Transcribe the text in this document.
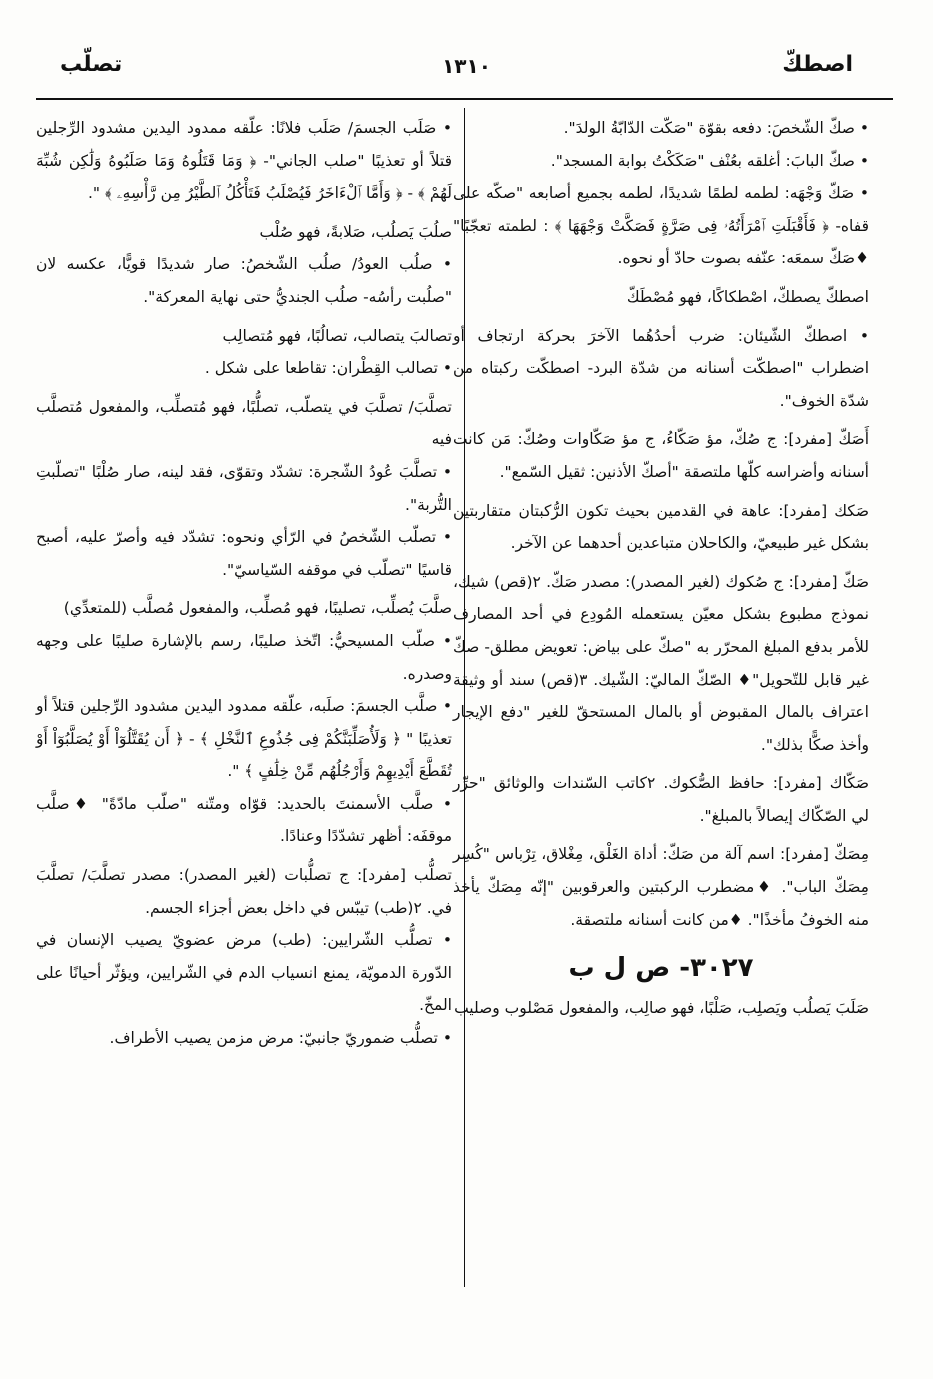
اصطكّ
١٣١٠
تصلّب

• صكّ الشّخصَ: دفعه بقوّة "صَكّت الدّابّةُ الولدَ".

• صكّ البابَ: أغلقه بعُنْف "صَكَكْتُ بوابة المسجد".

• صَكّ وَجْهَه: لطمه لطمًا شديدًا، لطمه بجميع أصابعه "صكّه على قفاه- ﴿ فَأَقْبَلَتِ ٱمْرَأَتُهُۥ فِى صَرَّةٍ فَصَكَّتْ وَجْهَهَا ﴾ : لطمته تعجّبًا" ♦صَكّ سمعَه: عنّفه بصوت حادّ أو نحوه.

اصطكّ يصطكّ، اصْطكاكًا، فهو مُصْطَكّ

• اصطكّ الشّيئان: ضرب أحدُهُما الآخرَ بحركة ارتجاف أو اضطراب "اصطكّت أسنانه من شدّة البرد- اصطكّت ركبتاه من شدّة الخوف".

أَصَكّ [مفرد]: ج صُكّ، مؤ صَكّاءُ، ج مؤ صَكّاوات وصُكّ: مَن كانت أسنانه وأضراسه كلّها ملتصقة "أصكّ الأذنين: ثقيل السّمع".

صَكك [مفرد]: عاهة في القدمين بحيث تكون الرُّكبتان متقاربتين بشكل غير طبيعيّ، والكاحلان متباعدين أحدهما عن الآخر.

صَكّ [مفرد]: ج صُكوك (لغير المصدر): مصدر صَكّ. ٢(قص) شيك، نموذج مطبوع بشكل معيّن يستعمله المُودِع في أحد المصارف للأمر بدفع المبلغ المحرّر به "صكّ على بياض: تعويض مطلق- صكّ غير قابل للتّحويل"♦ الصّكّ الماليّ: الشّيك. ٣(قص) سند أو وثيقة اعتراف بالمال المقبوض أو بالمال المستحقّ للغير "دفع الإيجار وأخذ صكًّا بذلك".

صَكّاك [مفرد]: حافظ الصُّكوك. ٢كاتب السّندات والوثائق "حرِّر لي الصّكّاك إيصالاً بالمبلغ".

مِصَكّ [مفرد]: اسم آلة من صَكّ: أداة الغَلْق، مِغْلاق، تِرْباس "كُسِر مِصَكّ الباب". ♦مضطرب الركبتين والعرقوبين "إنّه مِصَكّ يأخذ منه الخوفُ مأخذًا". ♦من كانت أسنانه ملتصقة.

٣٠٢٧- ص ل ب

صَلَبَ يَصلُب ويَصلِب، صَلْبًا، فهو صالِب، والمفعول مَصْلوب وصليب

• صَلَب الجسمَ/ صَلَب فلانًا: علّقه ممدود اليدين مشدود الرِّجلين قتلاً أو تعذيبًا "صلب الجاني"- ﴿ وَمَا قَتَلُوهُ وَمَا صَلَبُوهُ وَلَٰكِن شُبِّهَ لَهُمْ ﴾ - ﴿ وَأَمَّا ٱلْءَاخَرُ فَيُصْلَبُ فَتَأْكُلُ ٱلطَّيْرُ مِن رَّأْسِهِۦ ﴾ ".

صلُبَ يَصلُب، صَلابةً، فهو صُلْب

• صلُب العودُ/ صلُب الشّخصُ: صار شديدًا قويًّا، عكسه لان "صلُبت رأسُه- صلُب الجنديُّ حتى نهاية المعركة".

تصالبَ يتصالب، تصالُبًا، فهو مُتصالِب

• تصالب القِطْران: تقاطعا على شكل .

تصلَّبَ/ تصلَّبَ في يتصلّب، تصلُّبًا، فهو مُتصلِّب، والمفعول مُتصلَّب فيه

• تصلَّبَ عُودُ الشّجرة: تشدّد وتقوّى، فقد لينه، صار صُلْبًا "تصلّبتِ التُّربة".

• تصلّب الشّخصُ في الرّأي ونحوه: تشدّد فيه وأصرّ عليه، أصبح قاسيًا "تصلّب في موقفه السّياسيّ".

صلَّبَ يُصلِّب، تصليبًا، فهو مُصلِّب، والمفعول مُصلَّب (للمتعدِّي)

• صلّب المسيحيُّ: اتّخذ صليبًا، رسم بالإشارة صليبًا على وجهه وصدره.

• صلَّب الجسمَ: صلَبه، علّقه ممدود اليدين مشدود الرِّجلين قتلاً أو تعذيبًا " ﴿ وَلَأُصَلِّبَنَّكُمْ فِى جُذُوعِ ٱلنَّخْلِ ﴾ - ﴿ أَن يُقَتَّلُوٓاْ أَوْ يُصَلَّبُوٓاْ أَوْ تُقَطَّعَ أَيْدِيهِمْ وَأَرْجُلُهُم مِّنْ خِلَٰفٍ ﴾ ".

• صلَّب الأسمنتَ بالحديد: قوّاه ومتّنه "صلّب مادّةً" ♦صلَّب موقفَه: أظهر تشدّدًا وعنادًا.

تصلُّب [مفرد]: ج تصلُّبات (لغير المصدر): مصدر تصلَّبَ/ تصلَّبَ في. ٢(طب) تيبّس في داخل بعض أجزاء الجسم.

• تصلُّب الشّرايين: (طب) مرض عضويّ يصيب الإنسان في الدّورة الدمويّة، يمنع انسياب الدم في الشّرايين، ويؤثّر أحيانًا على المخّ.

• تصلُّب ضموريّ جانبيّ: مرض مزمن يصيب الأطراف.
